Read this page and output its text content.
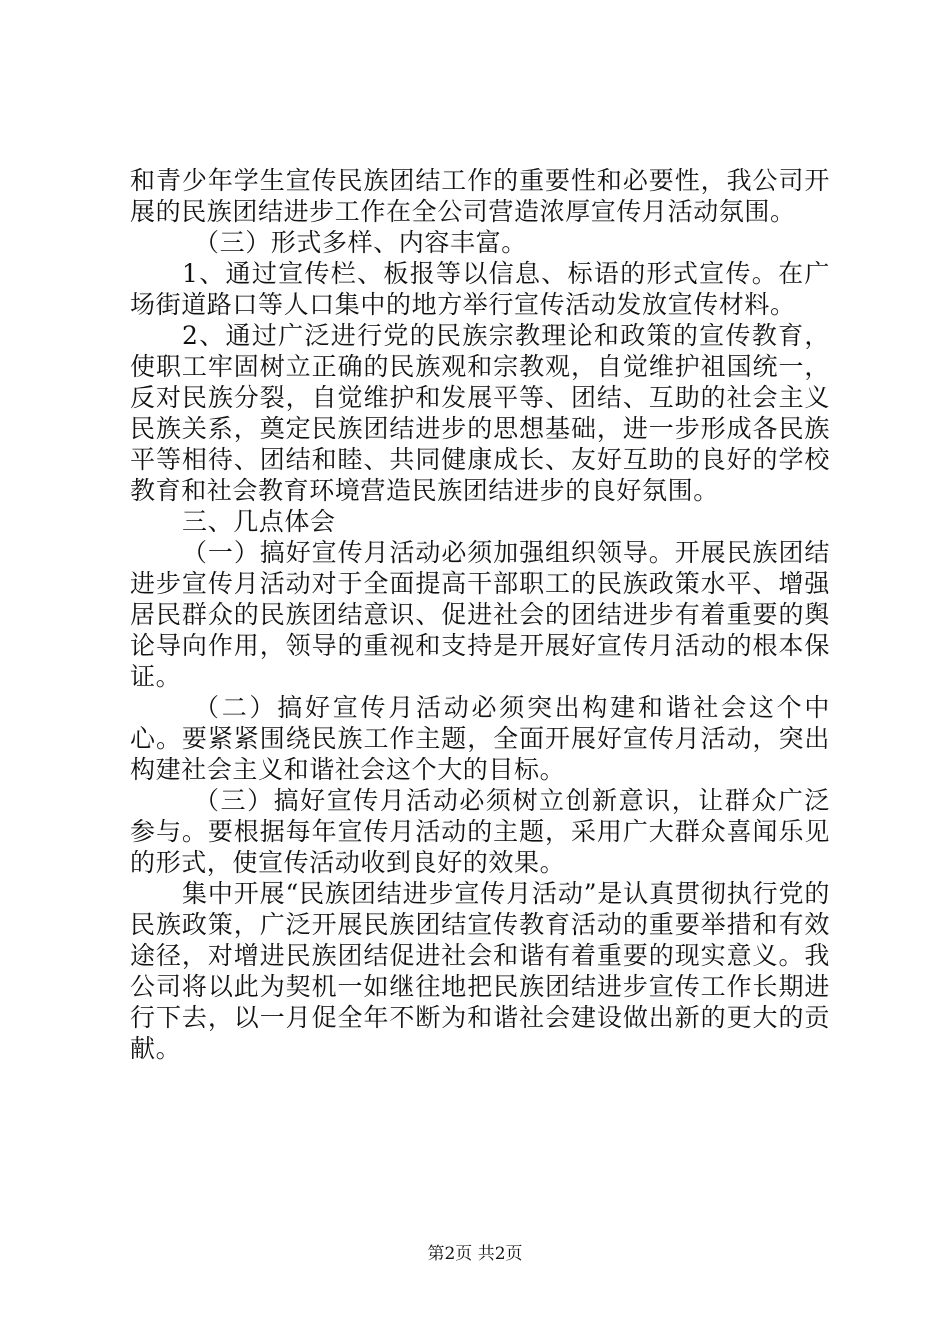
和青少年学生宣传民族团结工作的重要性和必要性，我公司开展的民族团结进步工作在全公司营造浓厚宣传月活动氛围。

（三）形式多样、内容丰富。

1、通过宣传栏、板报等以信息、标语的形式宣传。在广场街道路口等人口集中的地方举行宣传活动发放宣传材料。

2、通过广泛进行党的民族宗教理论和政策的宣传教育，使职工牢固树立正确的民族观和宗教观，自觉维护祖国统一，反对民族分裂，自觉维护和发展平等、团结、互助的社会主义民族关系，奠定民族团结进步的思想基础，进一步形成各民族平等相待、团结和睦、共同健康成长、友好互助的良好的学校教育和社会教育环境营造民族团结进步的良好氛围。

三、几点体会

（一）搞好宣传月活动必须加强组织领导。开展民族团结进步宣传月活动对于全面提高干部职工的民族政策水平、增强居民群众的民族团结意识、促进社会的团结进步有着重要的舆论导向作用，领导的重视和支持是开展好宣传月活动的根本保证。

（二）搞好宣传月活动必须突出构建和谐社会这个中心。要紧紧围绕民族工作主题，全面开展好宣传月活动，突出构建社会主义和谐社会这个大的目标。

（三）搞好宣传月活动必须树立创新意识，让群众广泛参与。要根据每年宣传月活动的主题，采用广大群众喜闻乐见的形式，使宣传活动收到良好的效果。

集中开展“民族团结进步宣传月活动”是认真贯彻执行党的民族政策，广泛开展民族团结宣传教育活动的重要举措和有效途径，对增进民族团结促进社会和谐有着重要的现实意义。我公司将以此为契机一如继往地把民族团结进步宣传工作长期进行下去，以一月促全年不断为和谐社会建设做出新的更大的贡献。

第2页 共2页
